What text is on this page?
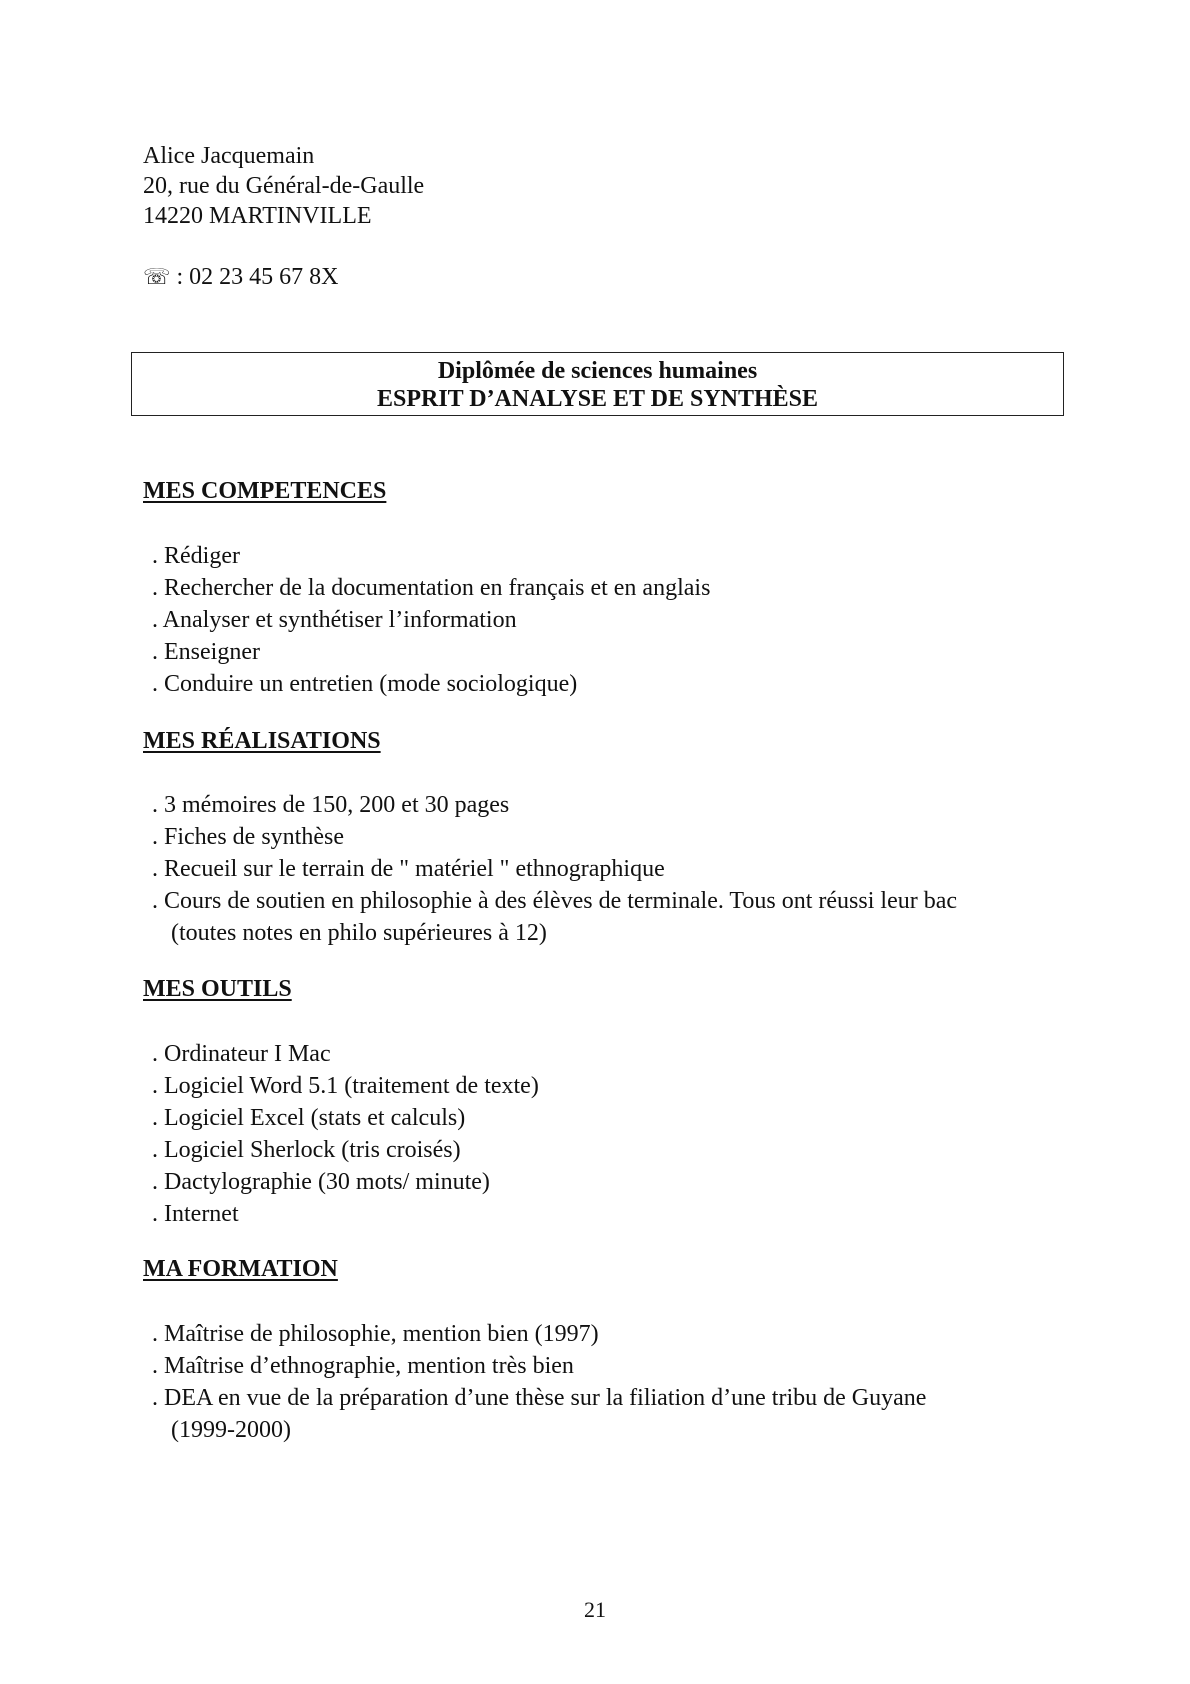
Alice Jacquemain
20, rue du Général-de-Gaulle
14220 MARTINVILLE
☏ : 02 23 45 67 8X
Diplômée de sciences humaines
ESPRIT D’ANALYSE ET DE SYNTHÈSE
MES COMPETENCES
. Rédiger
. Rechercher de la documentation en français et en anglais
. Analyser et synthétiser l’information
. Enseigner
. Conduire un entretien (mode sociologique)
MES RÉALISATIONS
. 3 mémoires de 150, 200 et 30 pages
. Fiches de synthèse
. Recueil sur le terrain de " matériel " ethnographique
. Cours de soutien en philosophie à des élèves de terminale. Tous ont réussi leur bac
(toutes notes en philo supérieures à 12)
MES OUTILS
. Ordinateur I Mac
. Logiciel Word 5.1 (traitement de texte)
. Logiciel Excel (stats et calculs)
. Logiciel Sherlock (tris croisés)
. Dactylographie (30 mots/ minute)
. Internet
MA FORMATION
. Maîtrise de philosophie, mention bien (1997)
. Maîtrise d’ethnographie, mention très bien
. DEA en vue de la préparation d’une thèse sur la filiation d’une tribu de Guyane
(1999-2000)
21
